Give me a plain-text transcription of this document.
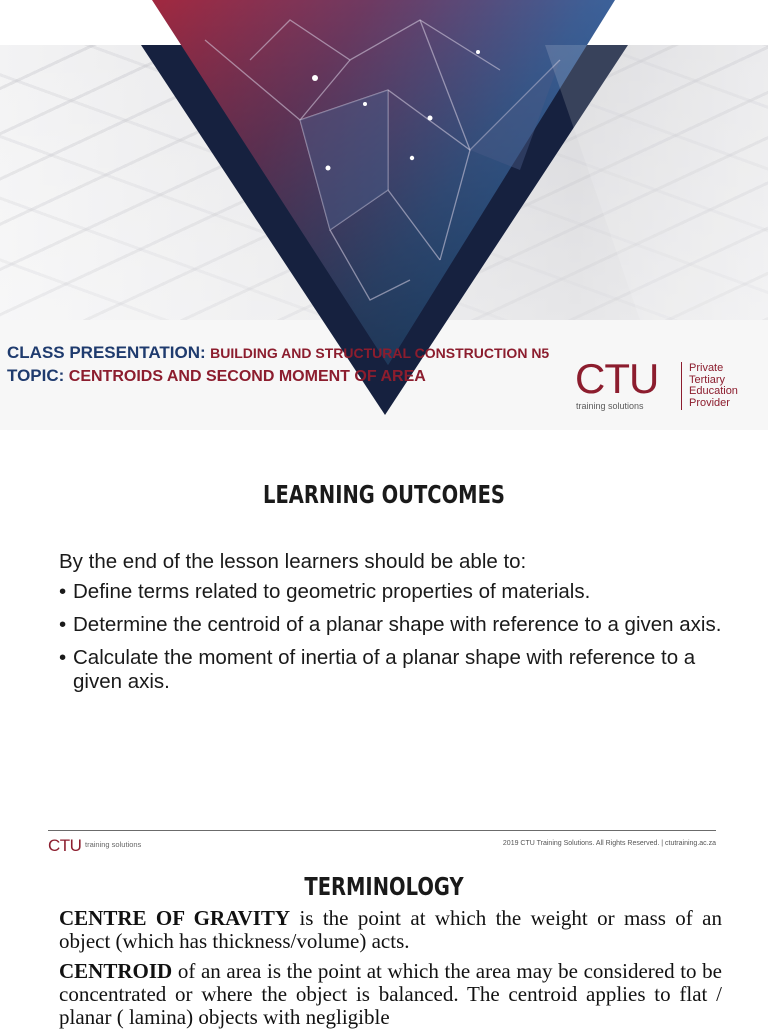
CLASS PRESENTATION: BUILDING AND STRUCTURAL CONSTRUCTION N5
TOPIC: CENTROIDS AND SECOND MOMENT OF AREA	CTU
training solutions
Private
Tertiary
Education
Provider
LEARNING OUTCOMES
By the end of the lesson learners should be able to:
• Define terms related to geometric properties of materials.
• Determine the centroid of a planar shape with reference to a given axis.
• Calculate the moment of inertia of a planar shape with reference to a given axis.
CTU training solutions	2019 CTU Training Solutions. All Rights Reserved. | ctutraining.ac.za
TERMINOLOGY
CENTRE OF GRAVITY is the point at which the weight or mass of an object (which has thickness/volume) acts.
CENTROID of an area is the point at which the area may be considered to be concentrated or where the object is balanced. The centroid applies to flat / planar ( lamina) objects with negligible
